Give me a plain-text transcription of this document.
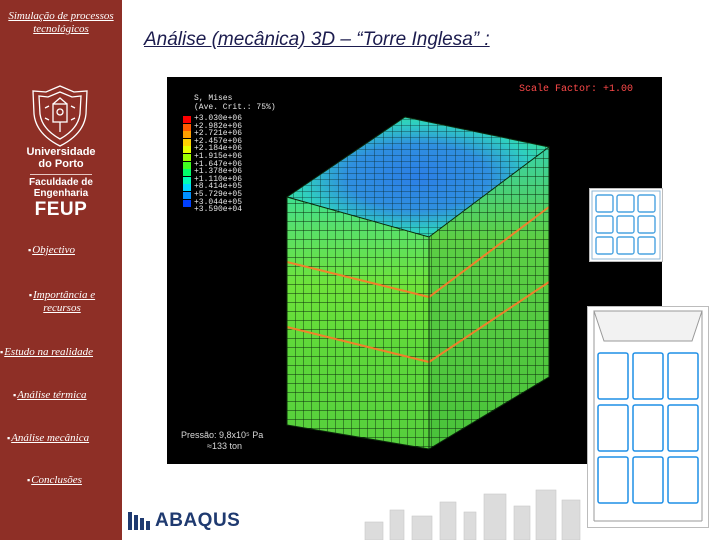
Simulação de processos tecnológicos
Universidade
do Porto
Faculdade de
Engenharia
FEUP
▪Objectivo
▪Importância e recursos
▪Estudo na realidade
▪Análise térmica
▪Análise mecânica
▪Conclusões
Análise (mecânica) 3D – “Torre Inglesa” :
Scale Factor: +1.00
S, Mises
(Ave. Crit.: 75%)
+3.030e+06
+2.982e+06
+2.721e+06
+2.457e+06
+2.184e+06
+1.915e+06
+1.647e+06
+1.378e+06
+1.110e+06
+8.414e+05
+5.729e+05
+3.044e+05
+3.590e+04
Pressão: 9,8x10⁵ Pa
≈133 ton
ABAQUS
